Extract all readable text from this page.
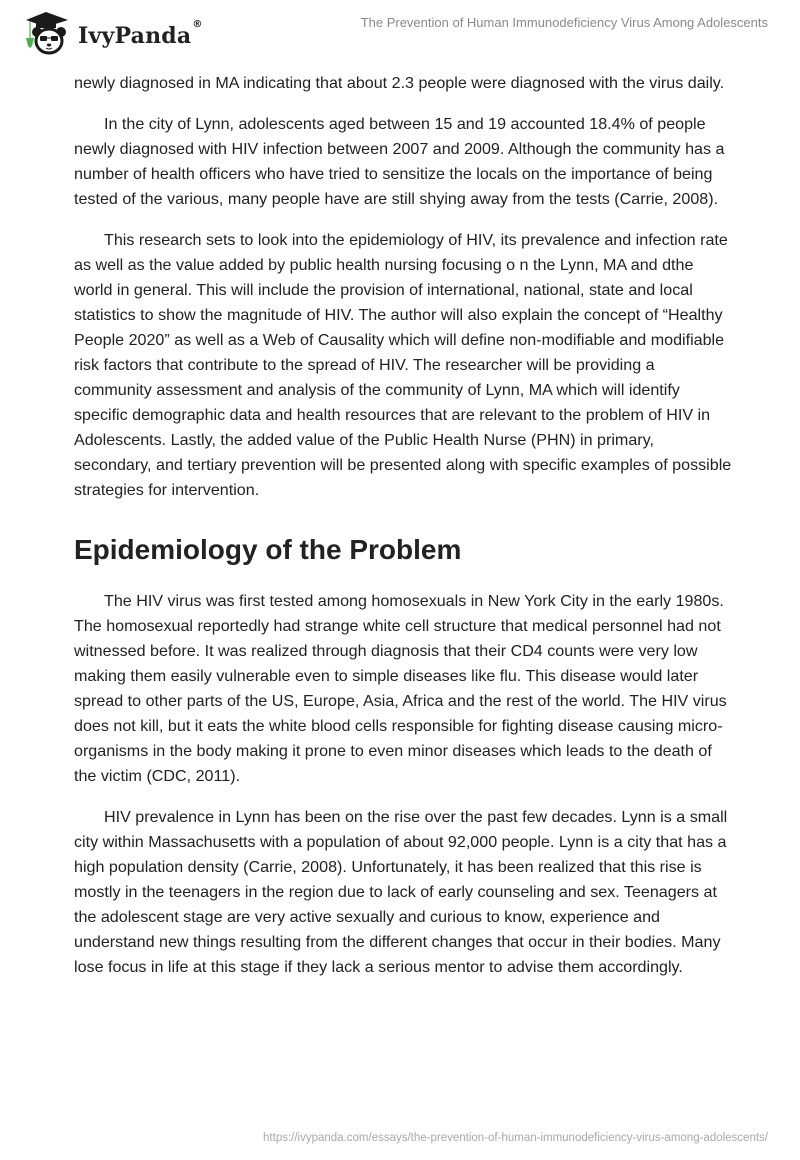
IvyPanda®	The Prevention of Human Immunodeficiency Virus Among Adolescents

newly diagnosed in MA indicating that about 2.3 people were diagnosed with the virus daily.

In the city of Lynn, adolescents aged between 15 and 19 accounted 18.4% of people newly diagnosed with HIV infection between 2007 and 2009. Although the community has a number of health officers who have tried to sensitize the locals on the importance of being tested of the various, many people have are still shying away from the tests (Carrie, 2008).

This research sets to look into the epidemiology of HIV, its prevalence and infection rate as well as the value added by public health nursing focusing o n the Lynn, MA and dthe world in general. This will include the provision of international, national, state and local statistics to show the magnitude of HIV. The author will also explain the concept of “Healthy People 2020” as well as a Web of Causality which will define non-modifiable and modifiable risk factors that contribute to the spread of HIV. The researcher will be providing a community assessment and analysis of the community of Lynn, MA which will identify specific demographic data and health resources that are relevant to the problem of HIV in Adolescents. Lastly, the added value of the Public Health Nurse (PHN) in primary, secondary, and tertiary prevention will be presented along with specific examples of possible strategies for intervention.

Epidemiology of the Problem

The HIV virus was first tested among homosexuals in New York City in the early 1980s. The homosexual reportedly had strange white cell structure that medical personnel had not witnessed before. It was realized through diagnosis that their CD4 counts were very low making them easily vulnerable even to simple diseases like flu. This disease would later spread to other parts of the US, Europe, Asia, Africa and the rest of the world. The HIV virus does not kill, but it eats the white blood cells responsible for fighting disease causing micro-organisms in the body making it prone to even minor diseases which leads to the death of the victim (CDC, 2011).

HIV prevalence in Lynn has been on the rise over the past few decades. Lynn is a small city within Massachusetts with a population of about 92,000 people. Lynn is a city that has a high population density (Carrie, 2008). Unfortunately, it has been realized that this rise is mostly in the teenagers in the region due to lack of early counseling and sex. Teenagers at the adolescent stage are very active sexually and curious to know, experience and understand new things resulting from the different changes that occur in their bodies. Many lose focus in life at this stage if they lack a serious mentor to advise them accordingly.

https://ivypanda.com/essays/the-prevention-of-human-immunodeficiency-virus-among-adolescents/
